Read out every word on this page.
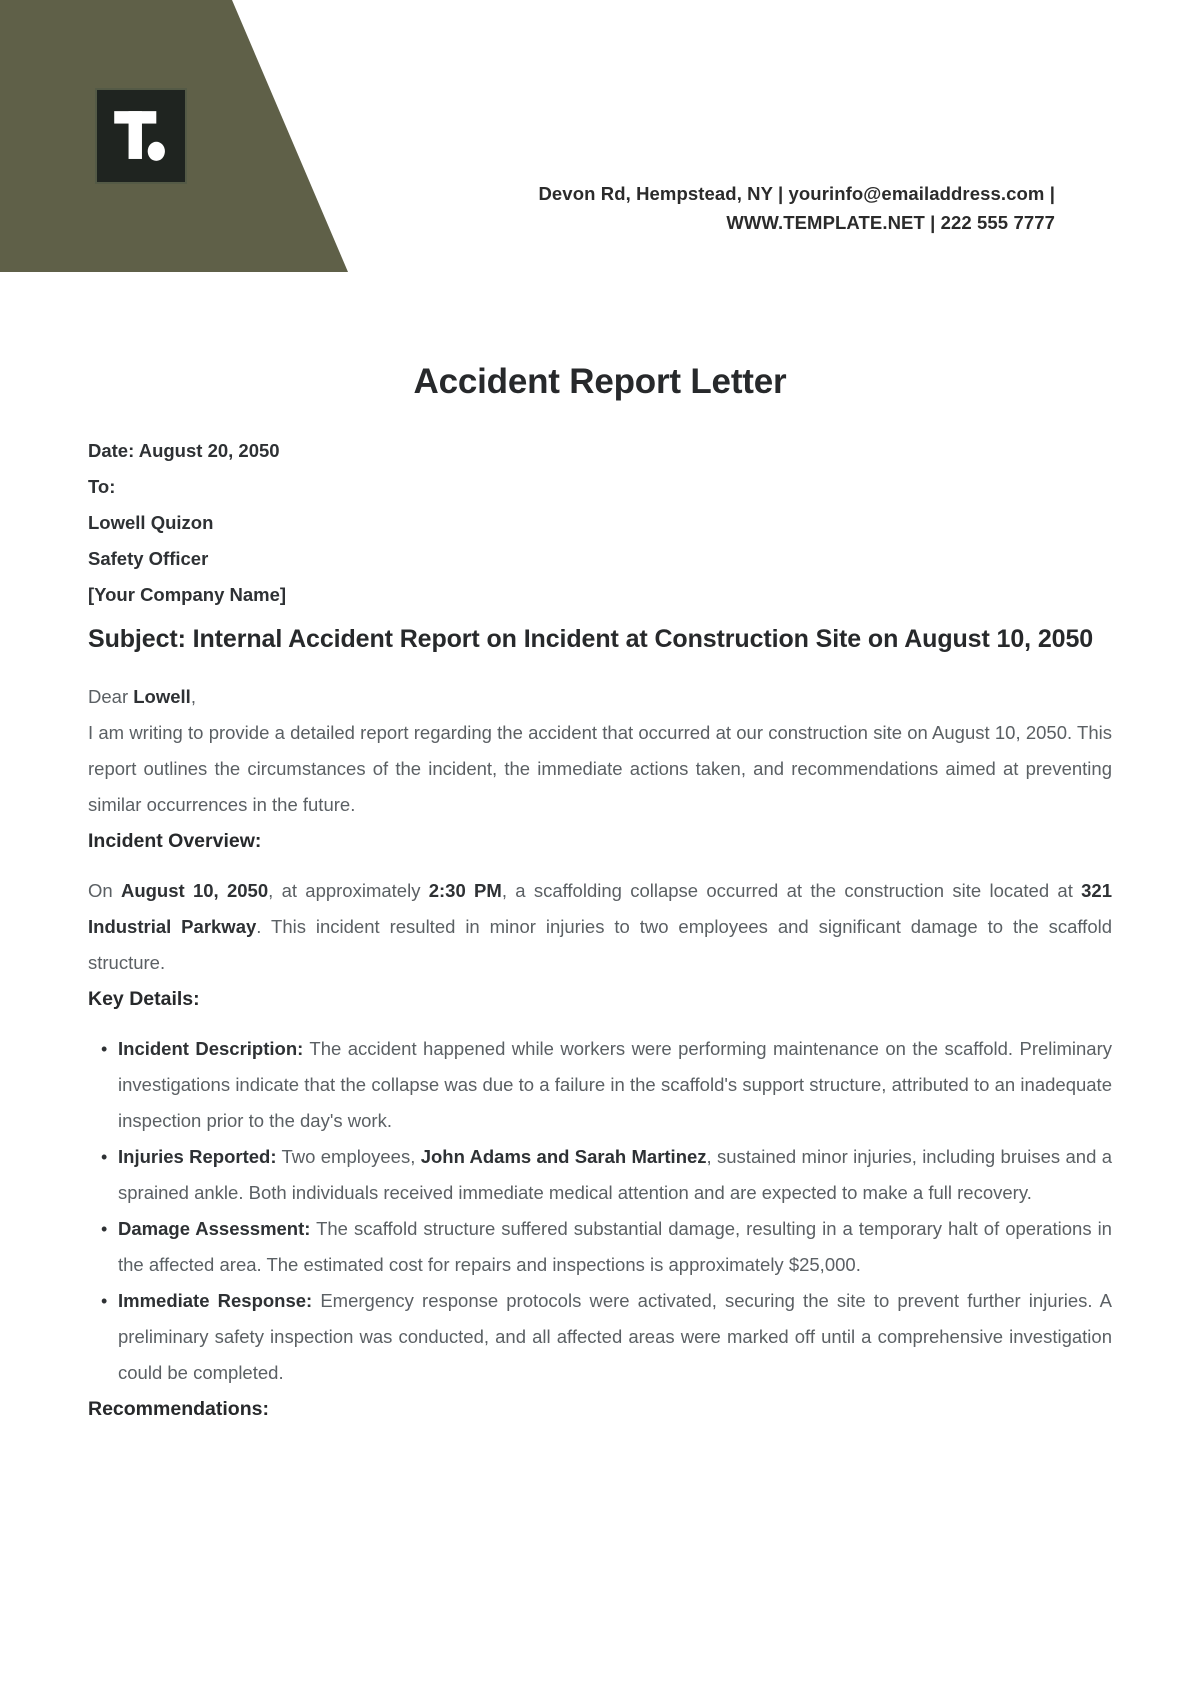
Devon Rd, Hempstead, NY | yourinfo@emailaddress.com |
WWW.TEMPLATE.NET | 222 555 7777
Accident Report Letter
Date: August 20, 2050
To:
Lowell Quizon
Safety Officer
[Your Company Name]
Subject: Internal Accident Report on Incident at Construction Site on August 10, 2050
Dear Lowell,

I am writing to provide a detailed report regarding the accident that occurred at our construction site on August 10, 2050. This report outlines the circumstances of the incident, the immediate actions taken, and recommendations aimed at preventing similar occurrences in the future.

Incident Overview:

On August 10, 2050, at approximately 2:30 PM, a scaffolding collapse occurred at the construction site located at 321 Industrial Parkway. This incident resulted in minor injuries to two employees and significant damage to the scaffold structure.

Key Details:
• Incident Description: The accident happened while workers were performing maintenance on the scaffold. Preliminary investigations indicate that the collapse was due to a failure in the scaffold's support structure, attributed to an inadequate inspection prior to the day's work.
• Injuries Reported: Two employees, John Adams and Sarah Martinez, sustained minor injuries, including bruises and a sprained ankle. Both individuals received immediate medical attention and are expected to make a full recovery.
• Damage Assessment: The scaffold structure suffered substantial damage, resulting in a temporary halt of operations in the affected area. The estimated cost for repairs and inspections is approximately $25,000.
• Immediate Response: Emergency response protocols were activated, securing the site to prevent further injuries. A preliminary safety inspection was conducted, and all affected areas were marked off until a comprehensive investigation could be completed.
Recommendations:
